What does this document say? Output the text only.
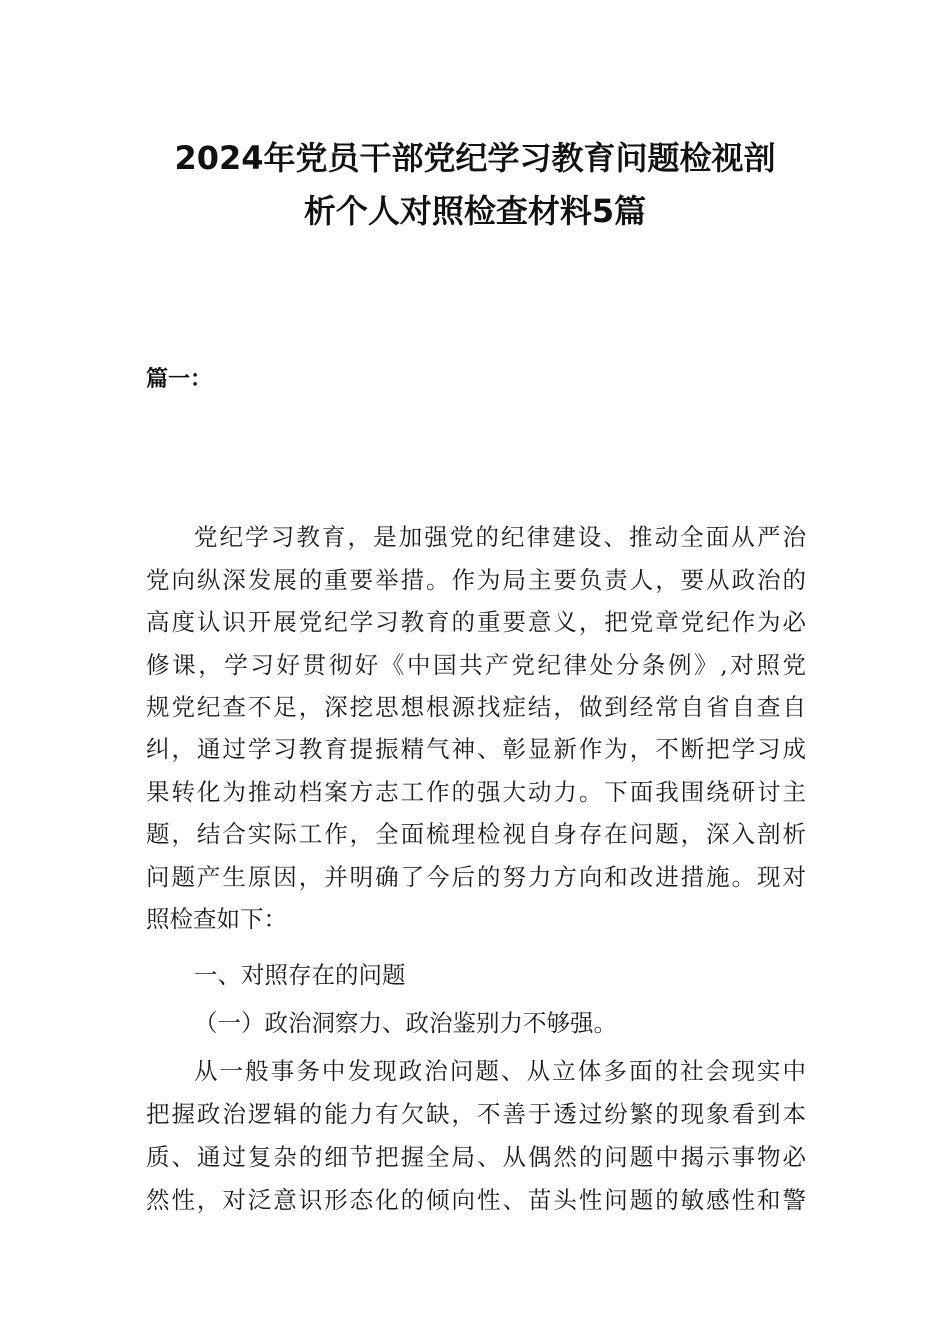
2024年党员干部党纪学习教育问题检视剖
析个人对照检查材料5篇
篇一：
党纪学习教育，是加强党的纪律建设、推动全面从严治
党向纵深发展的重要举措。作为局主要负责人，要从政治的
高度认识开展党纪学习教育的重要意义，把党章党纪作为必
修课，学习好贯彻好《中国共产党纪律处分条例》,对照党
规党纪查不足，深挖思想根源找症结，做到经常自省自查自
纠，通过学习教育提振精气神、彰显新作为，不断把学习成
果转化为推动档案方志工作的强大动力。下面我围绕研讨主
题，结合实际工作，全面梳理检视自身存在问题，深入剖析
问题产生原因，并明确了今后的努力方向和改进措施。现对
照检查如下：
一、对照存在的问题
（一）政治洞察力、政治鉴别力不够强。
从一般事务中发现政治问题、从立体多面的社会现实中
把握政治逻辑的能力有欠缺，不善于透过纷繁的现象看到本
质、通过复杂的细节把握全局、从偶然的问题中揭示事物必
然性，对泛意识形态化的倾向性、苗头性问题的敏感性和警
